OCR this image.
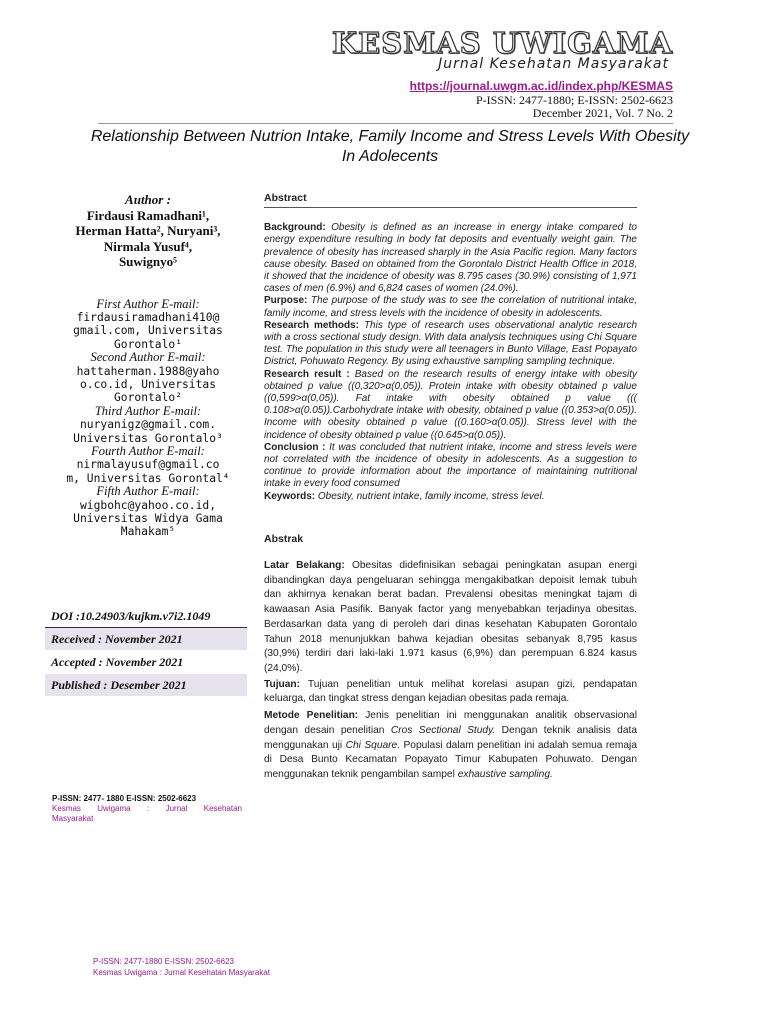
KESMAS UWIGAMA
Jurnal Kesehatan Masyarakat
https://journal.uwgm.ac.id/index.php/KESMAS
P-ISSN: 2477-1880; E-ISSN: 2502-6623
December 2021, Vol. 7 No. 2
Relationship Between Nutrion Intake, Family Income and Stress Levels With Obesity In Adolecents
Author :
Firdausi Ramadhani¹,
Herman Hatta², Nuryani³,
Nirmala Yusuf⁴,
Suwignyo⁵
First Author E-mail:
firdausiramadhani410@
gmail.com, Universitas
Gorontalo¹
Second Author E-mail:
hattaherman.1988@yaho
o.co.id, Universitas
Gorontalo²
Third Author E-mail:
nuryanigz@gmail.com.
Universitas Gorontalo³
Fourth Author E-mail:
nirmalayusuf@gmail.co
m, Universitas Gorontal⁴
Fifth Author E-mail:
wigbohc@yahoo.co.id,
Universitas Widya Gama
Mahakam⁵
DOI :10.24903/kujkm.v7i2.1049
Received : November 2021
Accepted : November 2021
Published : Desember 2021
P-ISSN: 2477- 1880 E-ISSN: 2502-6623
Kesmas Uwigama : Jurnal Kesehatan
Masyarakat
Abstract
Background: Obesity is defined as an increase in energy intake compared to energy expenditure resulting in body fat deposits and eventually weight gain. The prevalence of obesity has increased sharply in the Asia Pacific region. Many factors cause obesity. Based on obtained from the Gorontalo District Health Office in 2018, it showed that the incidence of obesity was 8.795 cases (30.9%) consisting of 1,971 cases of men (6.9%) and 6,824 cases of women (24.0%).
Purpose: The purpose of the study was to see the correlation of nutritional intake, family income, and stress levels with the incidence of obesity in adolescents.
Research methods: This type of research uses observational analytic research with a cross sectional study design. With data analysis techniques using Chi Square test. The population in this study were all teenagers in Bunto Village, East Popayato District, Pohuwato Regency. By using exhaustive sampling sampling technique.
Research result : Based on the research results of energy intake with obesity obtained p value ((0,320>α(0,05)). Protein intake with obesity obtained p value ((0,599>α(0,05)). Fat intake with obesity obtained p value ((( 0.108>α(0.05)).Carbohydrate intake with obesity, obtained p value ((0.353>α(0.05)). Income with obesity obtained p value ((0.160>α(0.05)). Stress level with the incidence of obesity obtained p value ((0.645>α(0.05)).
Conclusion : It was concluded that nutrient intake, income and stress levels were not correlated with the incidence of obesity in adolescents. As a suggestion to continue to provide information about the importance of maintaining nutritional intake in every food consumed
Keywords: Obesity, nutrient intake, family income, stress level.
Abstrak
Latar Belakang: Obesitas didefinisikan sebagai peningkatan asupan energi dibandingkan daya pengeluaran sehingga mengakibatkan depoisit lemak tubuh dan akhirnya kenakan berat badan. Prevalensi obesitas meningkat tajam di kawaasan Asia Pasifik. Banyak factor yang menyebabkan terjadinya obesitas. Berdasarkan data yang di peroleh dari dinas kesehatan Kabupaten Gorontalo Tahun 2018 menunjukkan bahwa kejadian obesitas sebanyak 8,795 kasus (30,9%) terdiri dari laki-laki 1.971 kasus (6,9%) dan perempuan 6.824 kasus (24,0%).
Tujuan: Tujuan penelitian untuk melihat korelasi asupan gizi, pendapatan keluarga, dan tingkat stress dengan kejadian obesitas pada remaja.
Metode Penelitian: Jenis penelitian ini menggunakan analitik observasional dengan desain penelitian Cros Sectional Study. Dengan teknik analisis data menggunakan uji Chi Square. Populasi dalam penelitian ini adalah semua remaja di Desa Bunto Kecamatan Popayato Timur Kabupaten Pohuwato. Dengan menggunakan teknik pengambilan sampel exhaustive sampling.
P-ISSN: 2477-1880 E-ISSN: 2502-6623
Kesmas Uwigama : Jurnal Kesehatan Masyarakat
